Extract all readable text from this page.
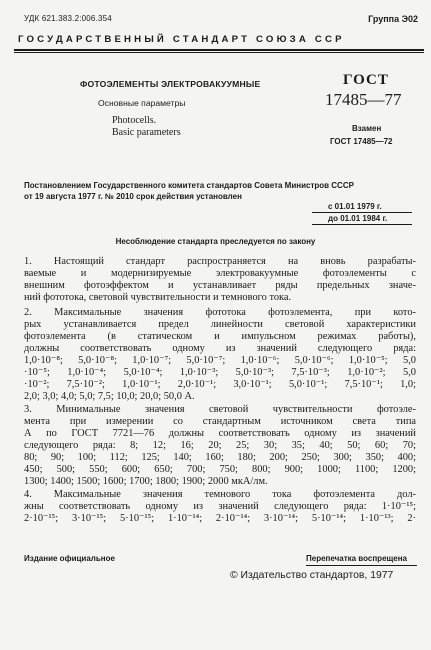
УДК 621.383.2:006.354	Группа Э02
ГОСУДАРСТВЕННЫЙ СТАНДАРТ СОЮЗА ССР
ФОТОЭЛЕМЕНТЫ ЭЛЕКТРОВАКУУМНЫЕ
Основные параметры
Photocells.
Basic parameters
ГОСТ
17485—77
Взамен
ГОСТ 17485—72
Постановлением Государственного комитета стандартов Совета Министров СССР
от 19 августа 1977 г. № 2010 срок действия установлен
с 01.01 1979 г.
до 01.01 1984 г.
Несоблюдение стандарта преследуется по закону
1. Настоящий стандарт распространяется на вновь разрабаты-
ваемые и модернизируемые электровакуумные фотоэлементы с
внешним фотоэффектом и устанавливает ряды предельных значе-
ний фототока, световой чувствительности и темнового тока.
2. Максимальные значения фототока фотоэлемента, при кото-
рых устанавливается предел линейности световой характеристики
фотоэлемента (в статическом и импульсном режимах работы),
должны соответствовать одному из значений следующего ряда:
1,0·10⁻⁸; 5,0·10⁻⁸; 1,0·10⁻⁷; 5,0·10⁻⁷; 1,0·10⁻⁶; 5,0·10⁻⁶; 1,0·10⁻⁵; 5,0
·10⁻⁵; 1,0·10⁻⁴; 5,0·10⁻⁴; 1,0·10⁻³; 5,0·10⁻³; 7,5·10⁻³; 1,0·10⁻²; 5,0
·10⁻²; 7,5·10⁻²; 1,0·10⁻¹; 2,0·10⁻¹; 3,0·10⁻¹; 5,0·10⁻¹; 7,5·10⁻¹; 1,0;
2,0; 3,0; 4,0; 5,0; 7,5; 10,0; 20,0; 50,0 А.
3. Минимальные значения световой чувствительности фотоэле-
мента при измерении со стандартным источником света типа
А по ГОСТ 7721—76 должны соответствовать одному из значений
следующего ряда: 8; 12; 16; 20; 25; 30; 35; 40; 50; 60; 70;
80; 90; 100; 112; 125; 140; 160; 180; 200; 250; 300; 350; 400;
450; 500; 550; 600; 650; 700; 750; 800; 900; 1000; 1100; 1200;
1300; 1400; 1500; 1600; 1700; 1800; 1900; 2000 мкА/лм.
4. Максимальные значения темнового тока фотоэлемента дол-
жны соответствовать одному из значений следующего ряда: 1·10⁻¹⁵;
2·10⁻¹⁵; 3·10⁻¹⁵; 5·10⁻¹⁵; 1·10⁻¹⁴; 2·10⁻¹⁴; 3·10⁻¹⁴; 5·10⁻¹⁴; 1·10⁻¹³; 2·
Издание официальное	Перепечатка воспрещена
© Издательство стандартов, 1977
